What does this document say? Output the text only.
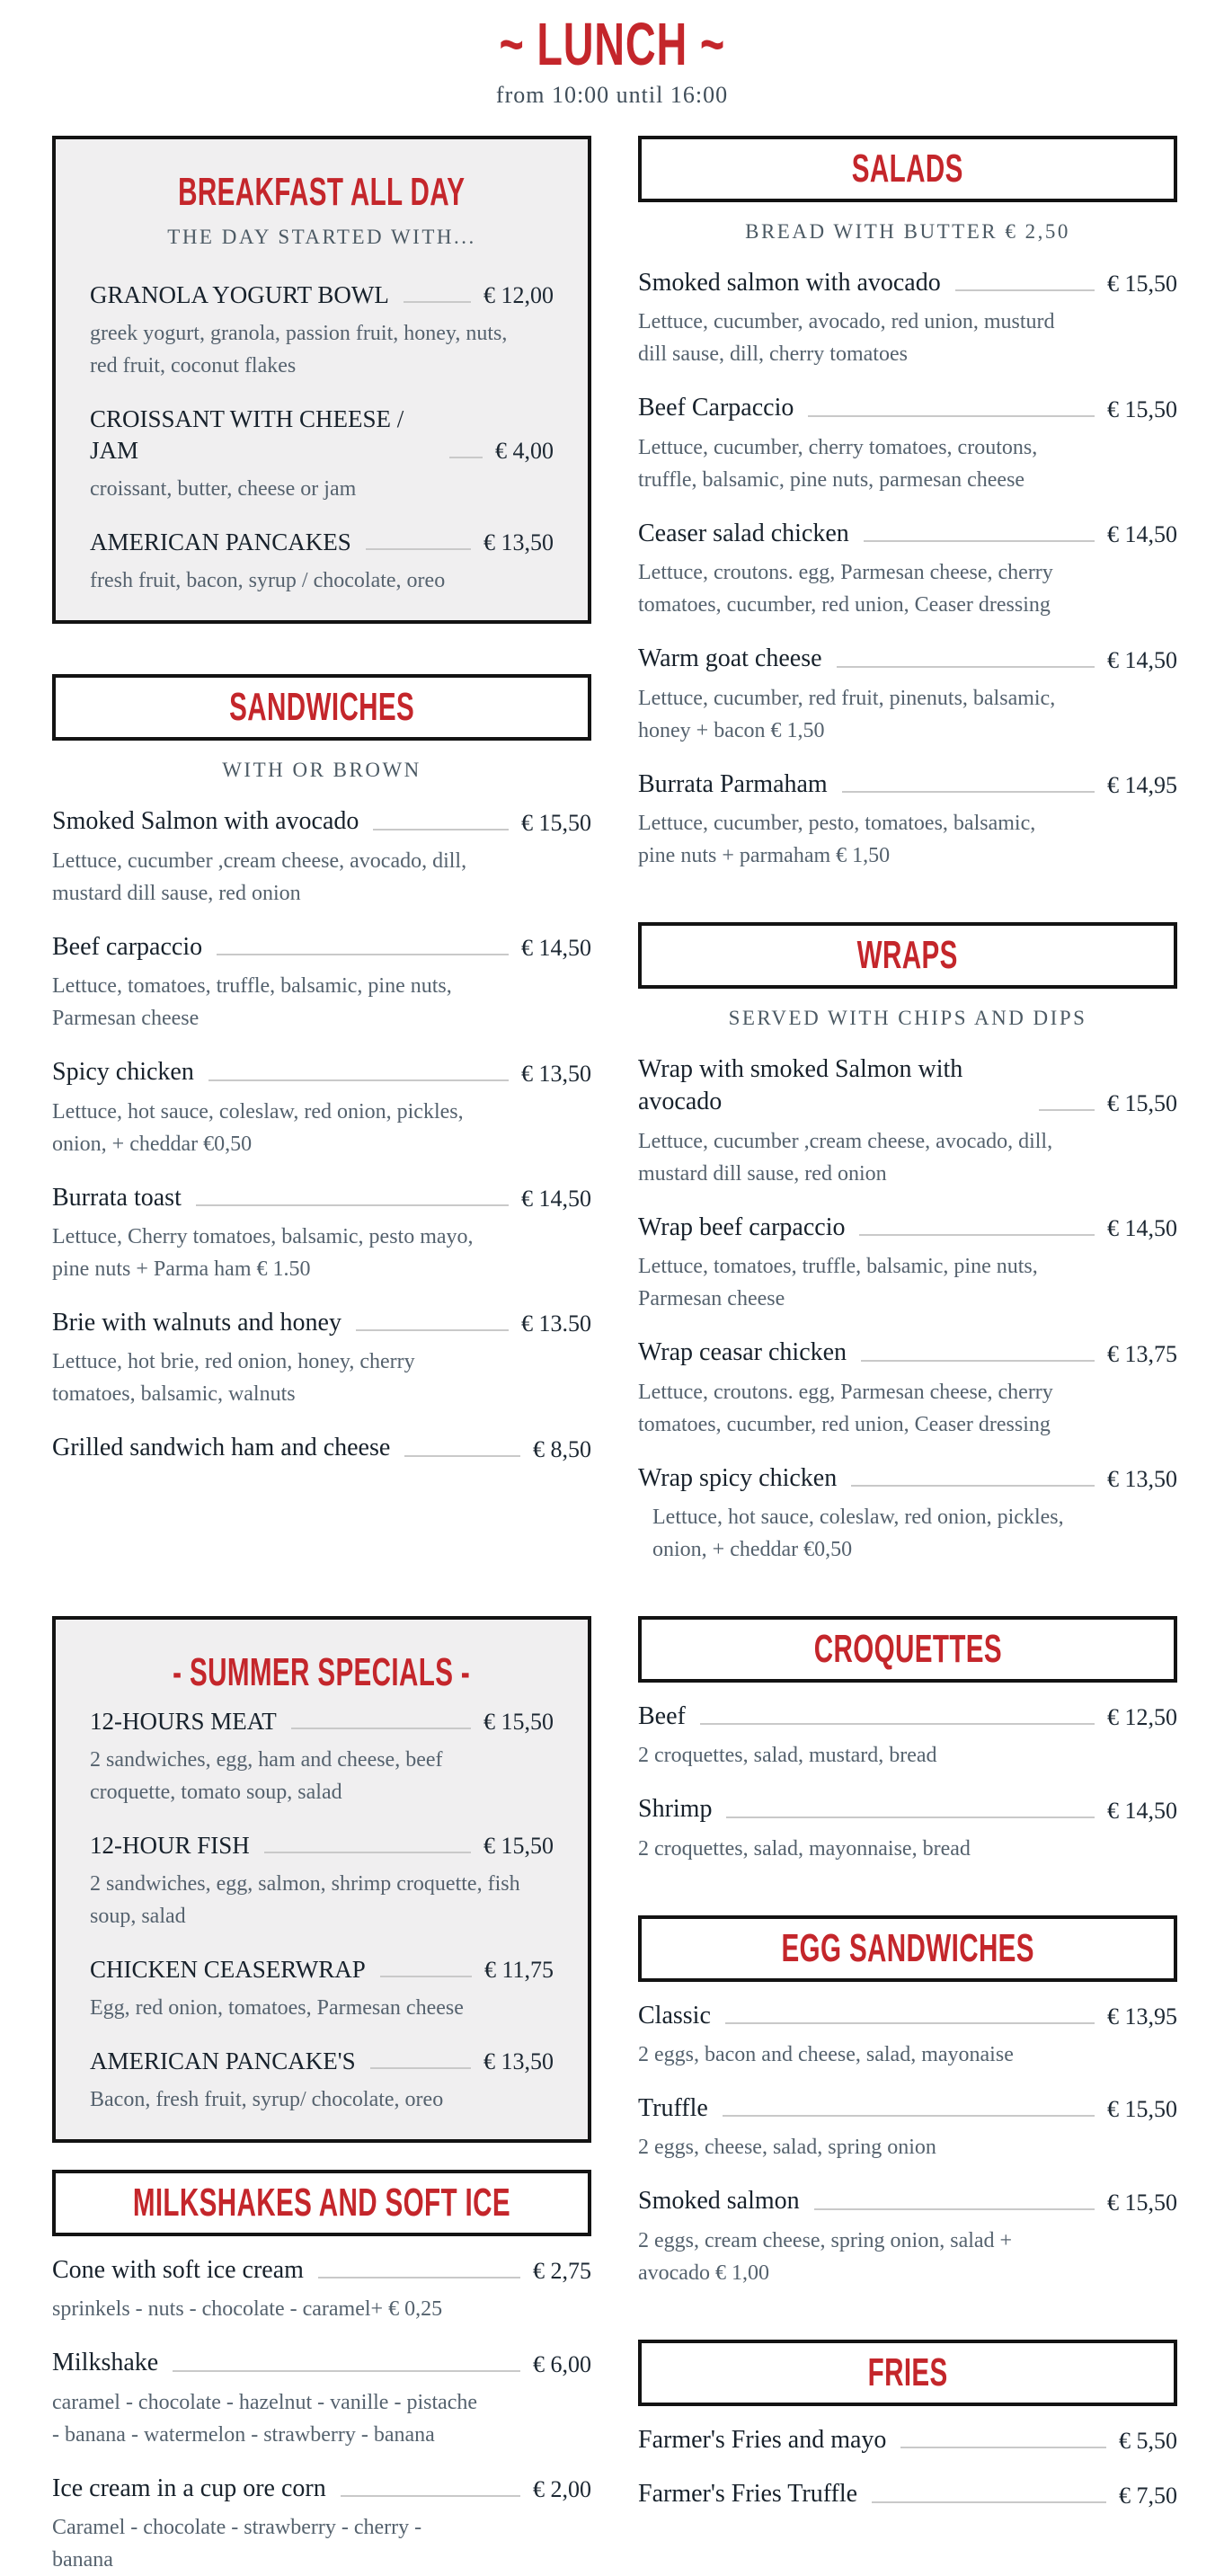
~ LUNCH ~

from 10:00 until 16:00

BREAKFAST ALL DAY

THE DAY STARTED WITH...

GRANOLA YOGURT BOWL	€ 12,00

greek yogurt, granola, passion fruit, honey, nuts, red fruit, coconut flakes

CROISSANT WITH CHEESE / JAM	€ 4,00

croissant, butter, cheese or jam

AMERICAN PANCAKES	€ 13,50

fresh fruit, bacon, syrup / chocolate, oreo

SANDWICHES

WITH OR BROWN

Smoked Salmon with avocado	€ 15,50

Lettuce, cucumber ,cream cheese, avocado, dill, mustard dill sause, red onion

Beef carpaccio	€ 14,50

Lettuce, tomatoes, truffle, balsamic, pine nuts, Parmesan cheese

Spicy chicken	€ 13,50

Lettuce, hot sauce, coleslaw, red onion, pickles, onion, + cheddar €0,50

Burrata toast	€ 14,50

Lettuce, Cherry tomatoes, balsamic, pesto mayo, pine nuts + Parma ham € 1.50

Brie with walnuts and honey	€ 13.50

Lettuce, hot brie, red onion, honey, cherry tomatoes, balsamic, walnuts

Grilled sandwich ham and cheese	€ 8,50
- SUMMER SPECIALS -
12-HOURS MEAT	€ 15,50

2 sandwiches, egg, ham and cheese, beef croquette, tomato soup, salad

12-HOUR FISH	€ 15,50

2 sandwiches, egg, salmon, shrimp croquette, fish soup, salad

CHICKEN CEASERWRAP	€ 11,75

Egg, red onion, tomatoes, Parmesan cheese

AMERICAN PANCAKE'S	€ 13,50

Bacon, fresh fruit, syrup/ chocolate, oreo

MILKSHAKES AND SOFT ICE
Cone with soft ice cream	€ 2,75

sprinkels - nuts - chocolate - caramel+ € 0,25

Milkshake	€ 6,00

caramel - chocolate - hazelnut - vanille - pistache - banana - watermelon - strawberry - banana

Ice cream in a cup ore corn	€ 2,00

Caramel - chocolate - strawberry - cherry - banana

SALADS

BREAD WITH BUTTER € 2,50

Smoked salmon with avocado	€ 15,50

Lettuce, cucumber, avocado, red union, musturd dill sause, dill, cherry tomatoes

Beef Carpaccio	€ 15,50

Lettuce, cucumber, cherry tomatoes, croutons, truffle, balsamic, pine nuts, parmesan cheese

Ceaser salad chicken	€ 14,50

Lettuce, croutons. egg, Parmesan cheese, cherry tomatoes, cucumber, red union, Ceaser dressing

Warm goat cheese	€ 14,50

Lettuce, cucumber, red fruit, pinenuts, balsamic, honey + bacon € 1,50

Burrata Parmaham	€ 14,95

Lettuce, cucumber, pesto, tomatoes, balsamic, pine nuts + parmaham € 1,50

WRAPS

SERVED WITH CHIPS AND DIPS

Wrap with smoked Salmon with avocado	€ 15,50

Lettuce, cucumber ,cream cheese, avocado, dill, mustard dill sause, red onion

Wrap beef carpaccio	€ 14,50

Lettuce, tomatoes, truffle, balsamic, pine nuts, Parmesan cheese

Wrap ceasar chicken	€ 13,75

Lettuce, croutons. egg, Parmesan cheese, cherry tomatoes, cucumber, red union, Ceaser dressing

Wrap spicy chicken	€ 13,50

Lettuce, hot sauce, coleslaw, red onion, pickles, onion, + cheddar €0,50

CROQUETTES
Beef	€ 12,50

2 croquettes, salad, mustard, bread

Shrimp	€ 14,50

2 croquettes, salad, mayonnaise, bread

EGG SANDWICHES
Classic	€ 13,95

2 eggs, bacon and cheese, salad, mayonaise

Truffle	€ 15,50

2 eggs, cheese, salad, spring onion

Smoked salmon	€ 15,50

2 eggs, cream cheese, spring onion, salad + avocado € 1,00

FRIES
Farmer's Fries and mayo	€ 5,50
Farmer's Fries Truffle	€ 7,50
